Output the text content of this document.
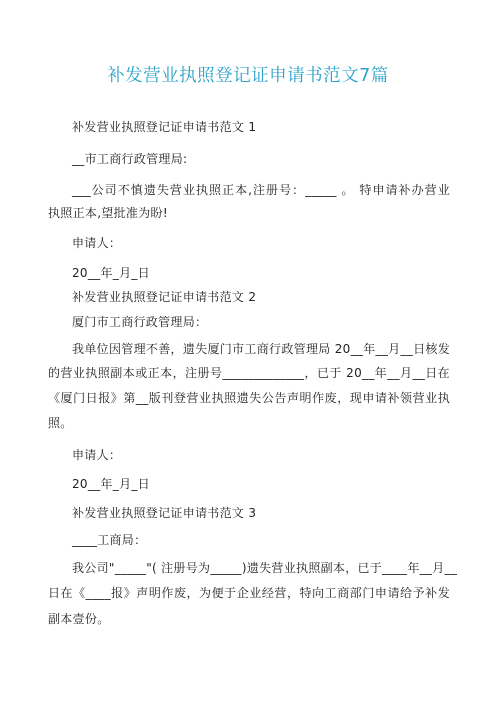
补发营业执照登记证申请书范文7篇
补发营业执照登记证申请书范文 1
__市工商行政管理局:
___公司不慎遗失营业执照正本,注册号：_____ 。 特申请补办营业
执照正本,望批准为盼!
申请人：
20__年_月_日
补发营业执照登记证申请书范文 2
厦门市工商行政管理局：
我单位因管理不善，遗失厦门市工商行政管理局 20__年__月__日核发
的营业执照副本或正本，注册号_____________，已于 20__年__月__日在
《厦门日报》第__版刊登营业执照遗失公告声明作废，现申请补领营业执
照。
申请人：
20__年_月_日
补发营业执照登记证申请书范文 3
____工商局：
我公司"_____"( 注册号为_____)遗失营业执照副本，已于____年__月__
日在《____报》声明作废，为便于企业经营，特向工商部门申请给予补发
副本壹份。
